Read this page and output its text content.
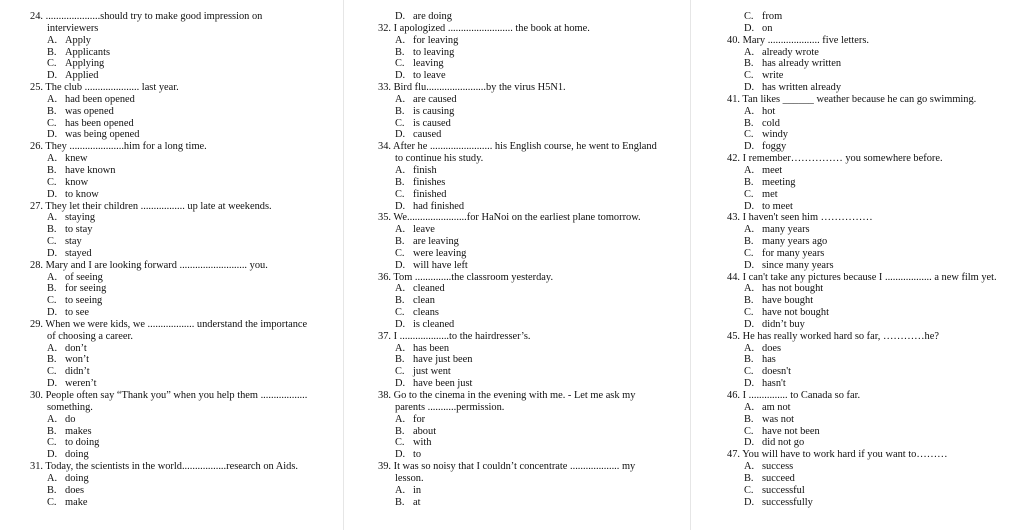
24. .....................should try to make good impression on
interviewers
A. Apply
B. Applicants
C. Applying
D. Applied
25. The club ..................... last year.
A. had been opened
B. was opened
C. has been opened
D. was being opened
26. They .....................him for a long time.
A. knew
B. have known
C. know
D. to know
27. They let their children ................. up late at weekends.
A. staying
B. to stay
C. stay
D. stayed
28. Mary and I are looking forward .......................... you.
A. of seeing
B. for seeing
C. to seeing
D. to see
29. When we were kids, we .................. understand the importance
of choosing a career.
A. don’t
B. won’t
C. didn’t
D. weren’t
30. People often say “Thank you” when you help them ..................
something.
A. do
B. makes
C. to doing
D. doing
31. Today, the scientists in the world.................research on Aids.
A. doing
B. does
C. make
D. are doing
32. I apologized ......................... the book at home.
A. for leaving
B. to leaving
C. leaving
D. to leave
33. Bird flu.......................by the virus H5N1.
A. are caused
B. is causing
C. is caused
D. caused
34. After he ........................ his English course, he went to England
to continue his study.
A. finish
B. finishes
C. finished
D. had finished
35. We.......................for HaNoi on the earliest plane tomorrow.
A. leave
B. are leaving
C. were leaving
D. will have left
36. Tom ..............the classroom yesterday.
A. cleaned
B. clean
C. cleans
D. is cleaned
37. I ...................to the hairdresser’s.
A. has been
B. have just been
C. just went
D. have been just
38. Go to the cinema in the evening with me. - Let me ask my
parents ...........permission.
A. for
B. about
C. with
D. to
39. It was so noisy that I couldn’t concentrate ................... my
lesson.
A. in
B. at
C. from
D. on
40. Mary .................... five letters.
A. already wrote
B. has already written
C. write
D. has written already
41. Tan likes ______ weather because he can go swimming.
A. hot
B. cold
C. windy
D. foggy
42. I remember…………… you somewhere before.
A. meet
B. meeting
C. met
D. to meet
43. I haven't seen him ……………
A. many years
B. many years ago
C. for many years
D. since many years
44. I can't take any pictures because I .................. a new film yet.
A. has not bought
B. have bought
C. have not bought
D. didn’t buy
45. He has really worked hard so far, …………he?
A. does
B. has
C. doesn't
D. hasn't
46. I ............... to Canada so far.
A. am not
B. was not
C. have not been
D. did not go
47. You will have to work hard if you want to………
A. success
B. succeed
C. successful
D. successfully
